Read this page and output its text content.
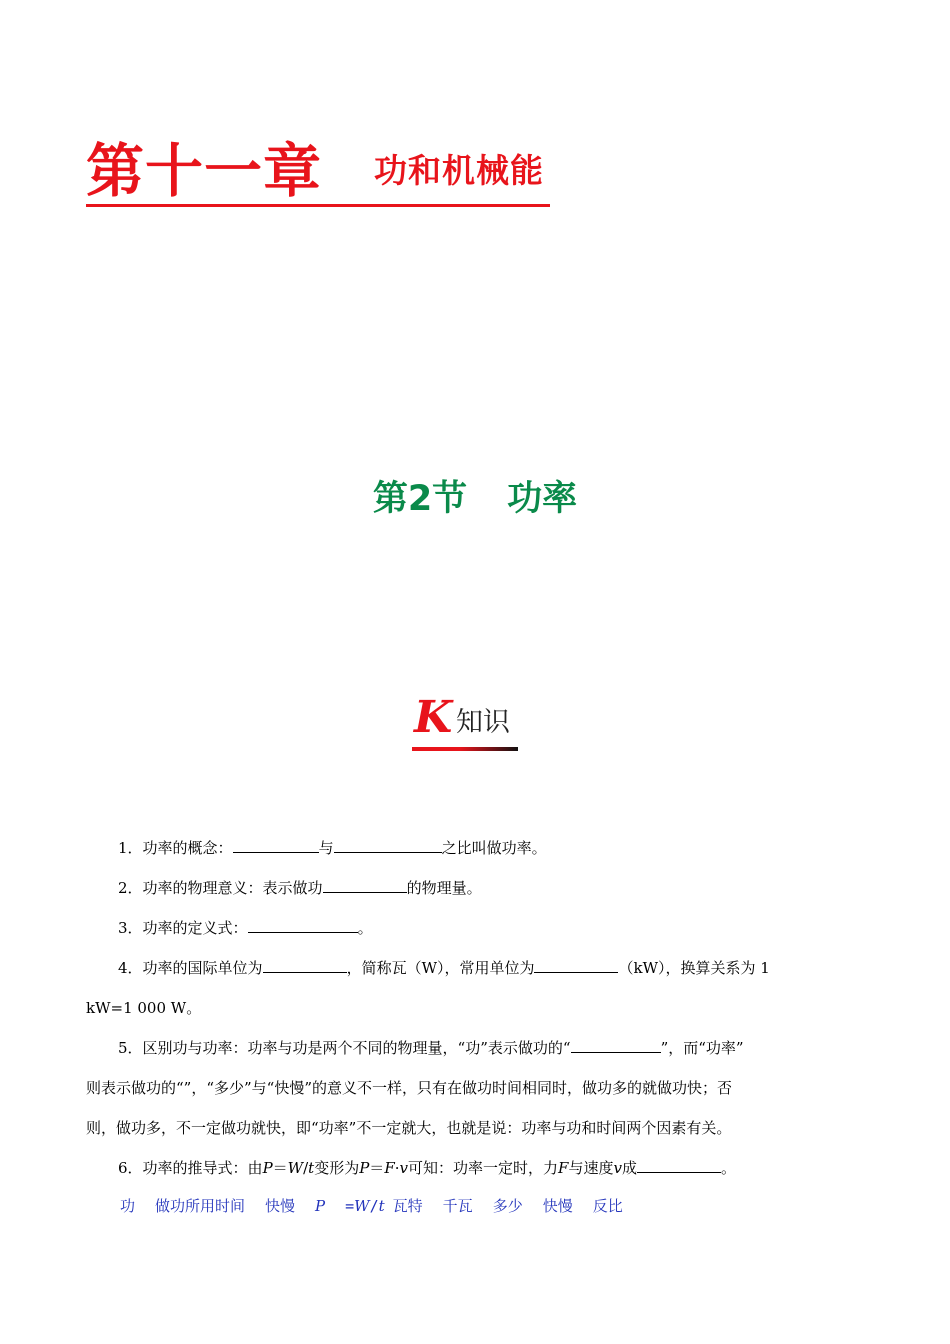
第十一章 功和机械能
第2节 功率
K 知识
1．功率的概念：	与	之比叫做功率。
2．功率的物理意义：表示做功	的物理量。
3．功率的定义式：	。
4．功率的国际单位为	，简称瓦（W），常用单位为	（kW），换算关系为 1
kW=1 000 W。
5．区别功与功率：功率与功是两个不同的物理量，“功”表示做功的“	”，而“功率”
则表示做功的“”，“多少”与“快慢”的意义不一样，只有在做功时间相同时，做功多的就做功快；否
则，做功多，不一定做功就快，即“功率”不一定就大，也就是说：功率与功和时间两个因素有关。
6．功率的推导式：由P＝W/t变形为P＝F·v可知：功率一定时，力F与速度v成	。
功 做功所用时间 快慢 P =W/t 瓦特 千瓦 多少 快慢 反比
